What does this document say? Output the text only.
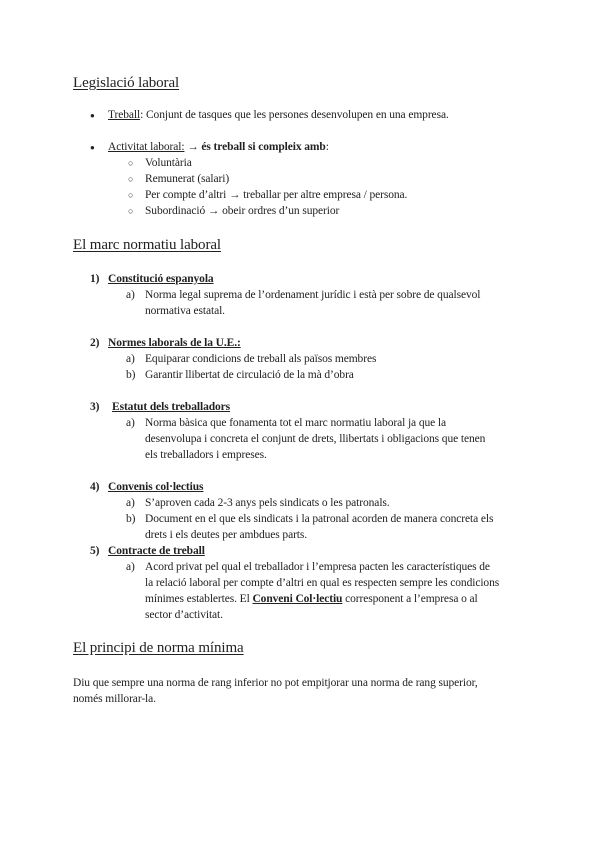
Legislació laboral
● Treball: Conjunt de tasques que les persones desenvolupen en una empresa.

● Activitat laboral: → és treball si compleix amb:

○ Voluntària

○ Remunerat (salari)

○ Per compte d’altri → treballar per altre empresa / persona.

○ Subordinació → obeir ordres d’un superior

El marc normatiu laboral
1) Constitució espanyola
a) Norma legal suprema de l’ordenament jurídic i està per sobre de qualsevol

normativa estatal.

2) Normes laborals de la U.E.:
a) Equiparar condicions de treball als països membres

b) Garantir llibertat de circulació de la mà d’obra

3) Estatut dels treballadors
a) Norma bàsica que fonamenta tot el marc normatiu laboral ja que la

desenvolupa i concreta el conjunt de drets, llibertats i obligacions que tenen

els treballadors i empreses.

4) Convenis col·lectius
a) S’aproven cada 2-3 anys pels sindicats o les patronals.

b) Document en el que els sindicats i la patronal acorden de manera concreta els

drets i els deutes per ambdues parts.

5) Contracte de treball
a) Acord privat pel qual el treballador i l’empresa pacten les característiques de

la relació laboral per compte d’altri en qual es respecten sempre les condicions

mínimes establertes. El Conveni Col·lectiu corresponent a l’empresa o al

sector d’activitat.

El principi de norma mínima

Diu que sempre una norma de rang inferior no pot empitjorar una norma de rang superior,

només millorar-la.
